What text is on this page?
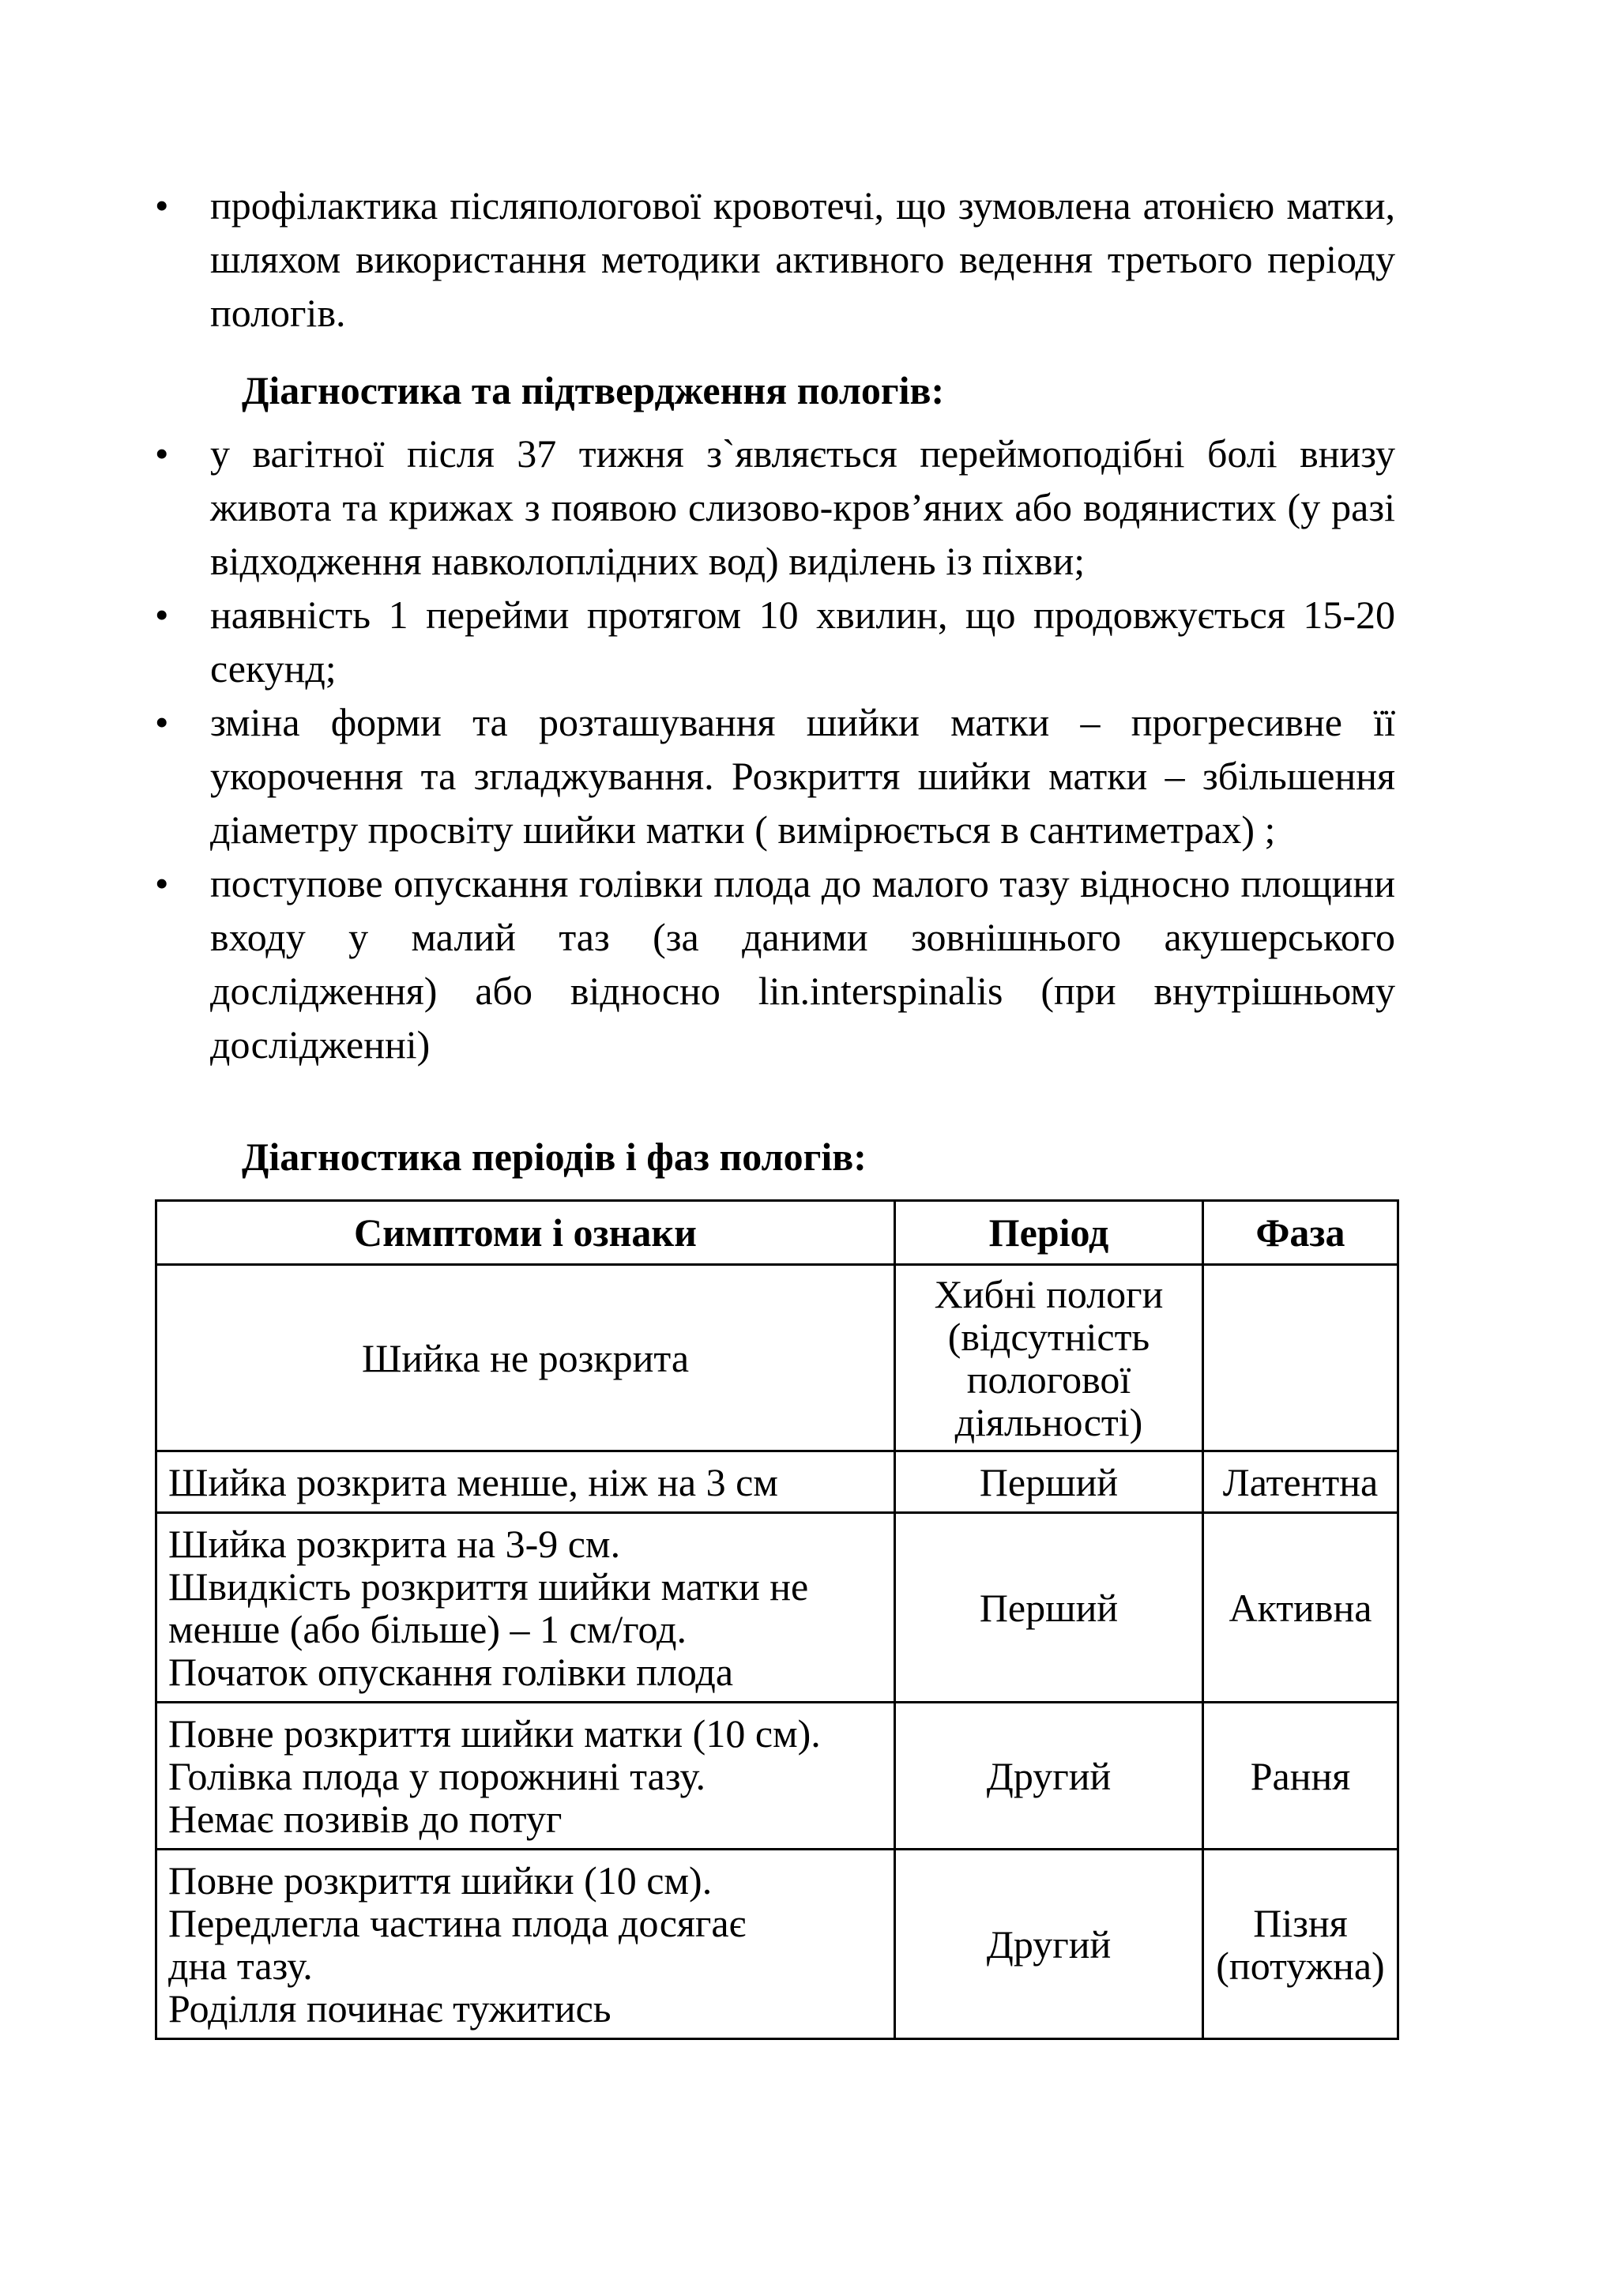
•	профілактика післяпологової кровотечі, що зумовлена атонією матки, шляхом використання методики активного ведення третього періоду пологів.
Діагностика та підтвердження пологів:
•	у вагітної після 37 тижня з`являється переймоподібні болі внизу живота та крижах з появою слизово-кров’яних або водянистих (у разі відходження навколоплідних вод) виділень із піхви;
•	наявність 1 перейми протягом 10 хвилин, що продовжується 15-20 секунд;
•	зміна форми та розташування шийки матки – прогресивне її укорочення та згладжування. Розкриття шийки матки – збільшення діаметру просвіту шийки матки ( вимірюється в сантиметрах) ;
•	поступове опускання голівки плода до малого тазу відносно площини входу у малий таз (за даними зовнішнього акушерського дослідження) або відносно lin.interspinalis (при внутрішньому дослідженні)
Діагностика періодів і фаз пологів:
Симптоми і ознаки	Період	Фаза

Шийка не розкрита	Хибні пологи
(відсутність
пологової
діяльності)	

Шийка розкрита менше, ніж на 3 см	Перший	Латентна

Шийка розкрита на 3-9 см.
Швидкість розкриття шийки матки не
менше (або більше) – 1 см/год.
Початок опускання голівки плода	Перший	Активна

Повне розкриття шийки матки (10 см).
Голівка плода у порожнині тазу.
Немає позивів до потуг	Другий	Рання

Повне розкриття шийки (10 см).
Передлегла частина плода досягає
дна тазу.
Роділля починає тужитись	Другий	Пізня
(потужна)
